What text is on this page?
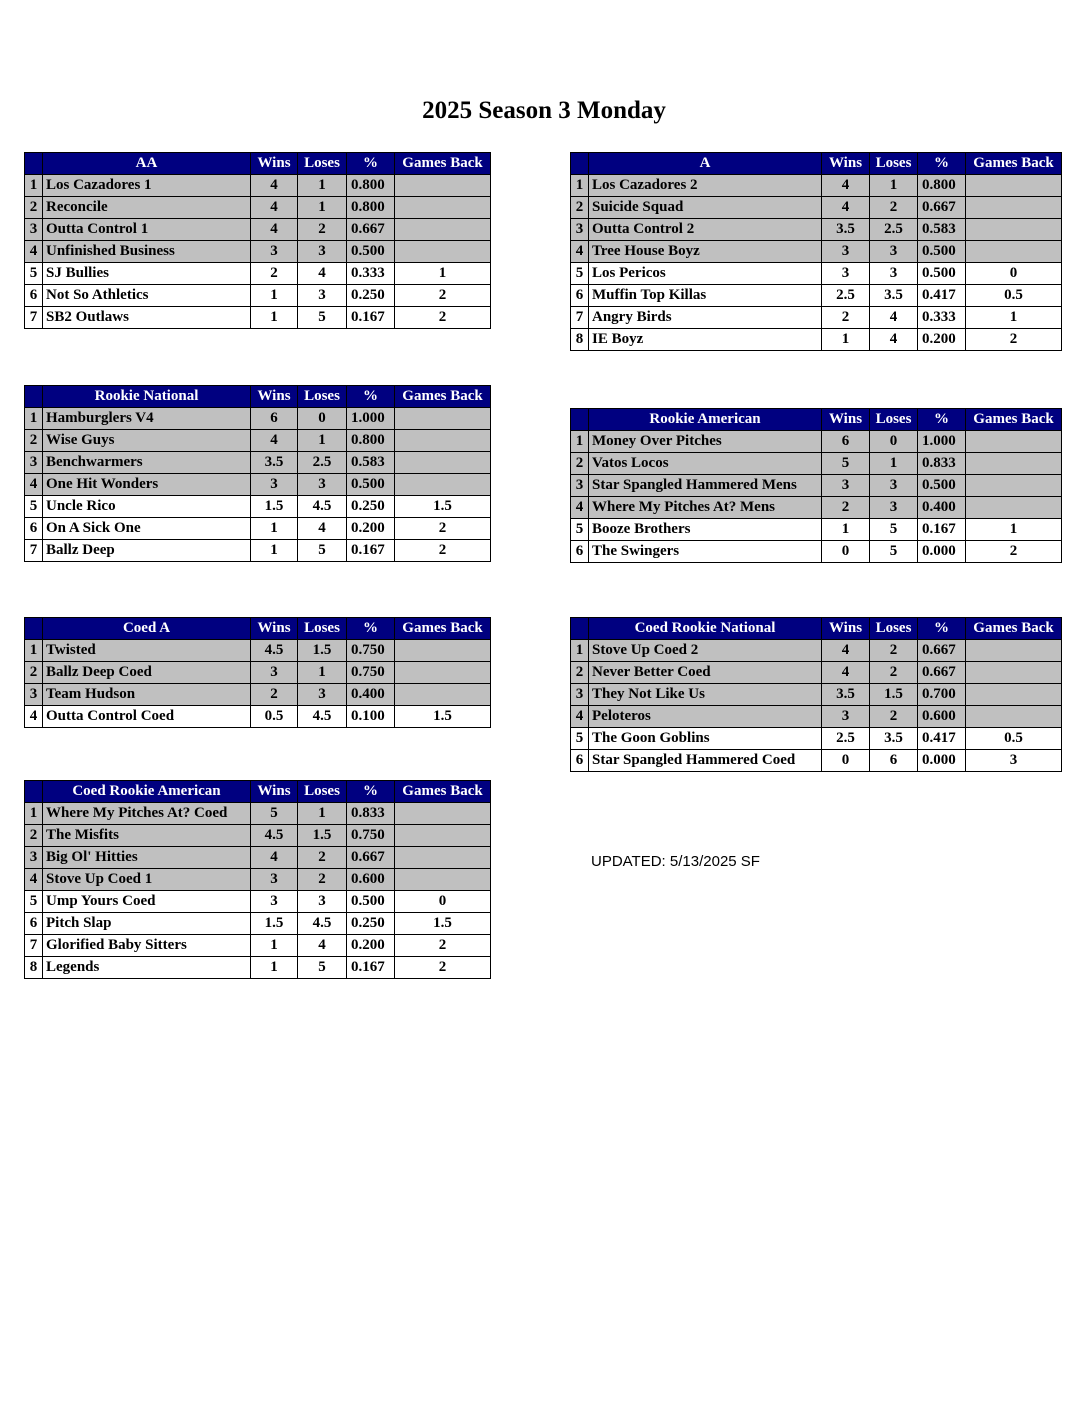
2025 Season 3 Monday
	AA	Wins	Loses	%	Games Back
1	Los Cazadores 1	4	1	0.800	
2	Reconcile	4	1	0.800	
3	Outta Control 1	4	2	0.667	
4	Unfinished Business	3	3	0.500	
5	SJ Bullies	2	4	0.333	1
6	Not So Athletics	1	3	0.250	2
7	SB2 Outlaws	1	5	0.167	2
	A	Wins	Loses	%	Games Back
1	Los Cazadores 2	4	1	0.800	
2	Suicide Squad	4	2	0.667	
3	Outta Control 2	3.5	2.5	0.583	
4	Tree House Boyz	3	3	0.500	
5	Los Pericos	3	3	0.500	0
6	Muffin Top Killas	2.5	3.5	0.417	0.5
7	Angry Birds	2	4	0.333	1
8	IE Boyz	1	4	0.200	2
	Rookie National	Wins	Loses	%	Games Back
1	Hamburglers V4	6	0	1.000	
2	Wise Guys	4	1	0.800	
3	Benchwarmers	3.5	2.5	0.583	
4	One Hit Wonders	3	3	0.500	
5	Uncle Rico	1.5	4.5	0.250	1.5
6	On A Sick One	1	4	0.200	2
7	Ballz Deep	1	5	0.167	2
	Rookie American	Wins	Loses	%	Games Back
1	Money Over Pitches	6	0	1.000	
2	Vatos Locos	5	1	0.833	
3	Star Spangled Hammered Mens	3	3	0.500	
4	Where My Pitches At? Mens	2	3	0.400	
5	Booze Brothers	1	5	0.167	1
6	The Swingers	0	5	0.000	2
	Coed A	Wins	Loses	%	Games Back
1	Twisted	4.5	1.5	0.750	
2	Ballz Deep Coed	3	1	0.750	
3	Team Hudson	2	3	0.400	
4	Outta Control Coed	0.5	4.5	0.100	1.5
	Coed Rookie National	Wins	Loses	%	Games Back
1	Stove Up Coed 2	4	2	0.667	
2	Never Better Coed	4	2	0.667	
3	They Not Like Us	3.5	1.5	0.700	
4	Peloteros	3	2	0.600	
5	The Goon Goblins	2.5	3.5	0.417	0.5
6	Star Spangled Hammered Coed	0	6	0.000	3
	Coed Rookie American	Wins	Loses	%	Games Back
1	Where My Pitches At? Coed	5	1	0.833	
2	The Misfits	4.5	1.5	0.750	
3	Big Ol' Hitties	4	2	0.667	
4	Stove Up Coed 1	3	2	0.600	
5	Ump Yours Coed	3	3	0.500	0
6	Pitch Slap	1.5	4.5	0.250	1.5
7	Glorified Baby Sitters	1	4	0.200	2
8	Legends	1	5	0.167	2
UPDATED: 5/13/2025 SF
